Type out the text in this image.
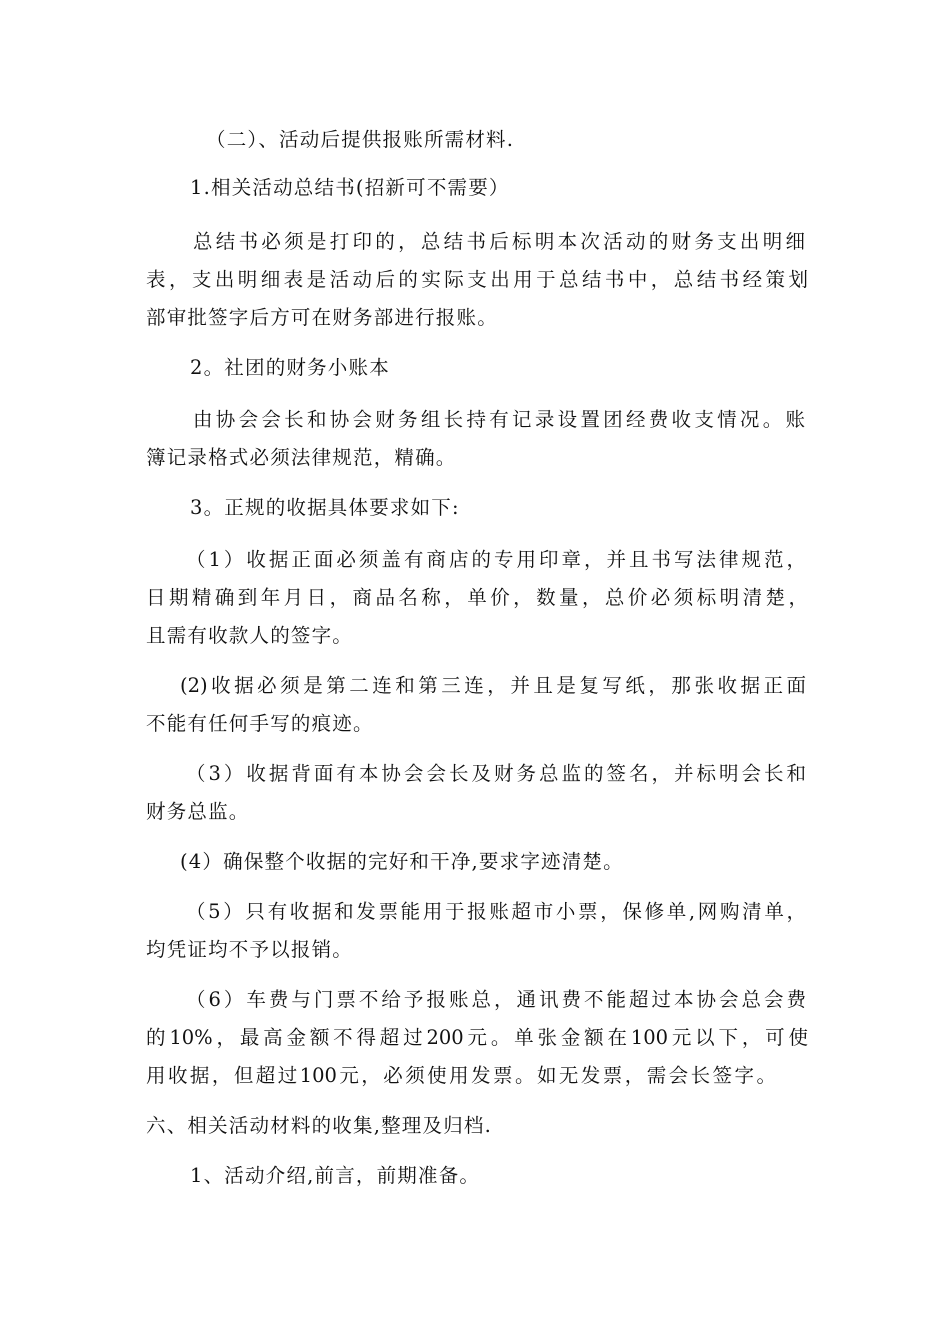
（二）、活动后提供报账所需材料.
1.相关活动总结书(招新可不需要）
总结书必须是打印的，总结书后标明本次活动的财务支出明细
表，支出明细表是活动后的实际支出用于总结书中，总结书经策划
部审批签字后方可在财务部进行报账。
2。社团的财务小账本
由协会会长和协会财务组长持有记录设置团经费收支情况。账
簿记录格式必须法律规范，精确。
3。正规的收据具体要求如下:
（1）收据正面必须盖有商店的专用印章，并且书写法律规范，
日期精确到年月日，商品名称，单价，数量，总价必须标明清楚，
且需有收款人的签字。
(2)收据必须是第二连和第三连，并且是复写纸，那张收据正面
不能有任何手写的痕迹。
（3）收据背面有本协会会长及财务总监的签名，并标明会长和
财务总监。
(4）确保整个收据的完好和干净,要求字迹清楚。
（5）只有收据和发票能用于报账超市小票，保修单,网购清单，
均凭证均不予以报销。
（6）车费与门票不给予报账总，通讯费不能超过本协会总会费
的10%，最高金额不得超过200元。单张金额在100元以下，可使
用收据，但超过100元，必须使用发票。如无发票，需会长签字。
六、相关活动材料的收集,整理及归档.
1、活动介绍,前言，前期准备。
